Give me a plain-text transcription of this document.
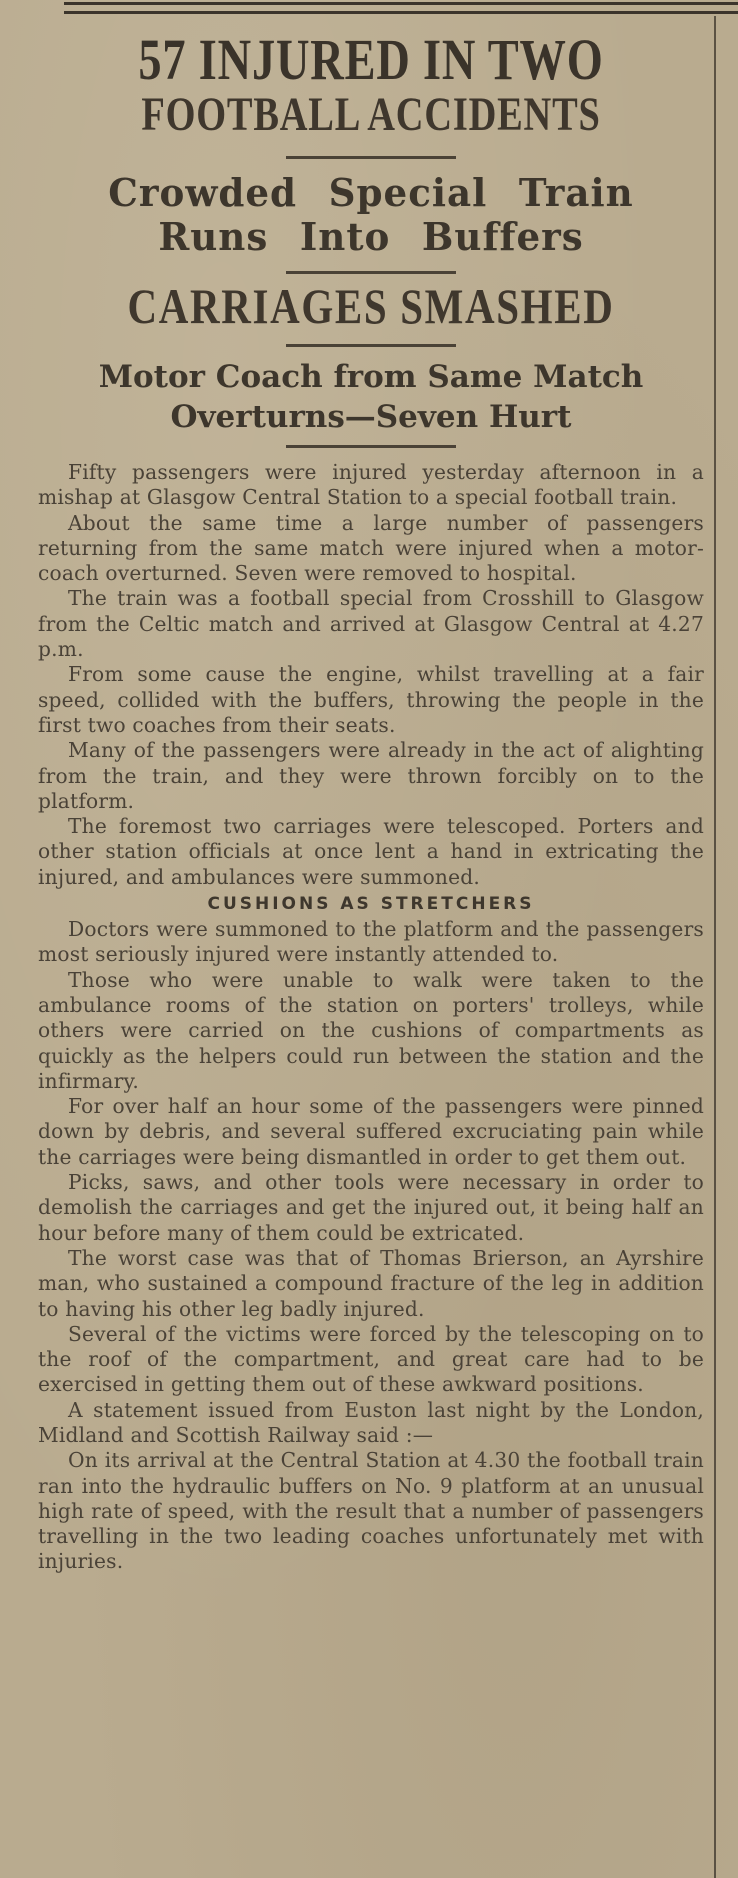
57 INJURED IN TWO
FOOTBALL ACCIDENTS
Crowded Special Train Runs Into Buffers
CARRIAGES SMASHED
Motor Coach from Same Match
Overturns—Seven Hurt

Fifty passengers were injured yesterday afternoon in a mishap at Glasgow Central Station to a special football train.

About the same time a large number of passengers returning from the same match were injured when a motor-coach overturned. Seven were removed to hospital.

The train was a football special from Crosshill to Glasgow from the Celtic match and arrived at Glasgow Central at 4.27 p.m.

From some cause the engine, whilst travelling at a fair speed, collided with the buffers, throwing the people in the first two coaches from their seats.

Many of the passengers were already in the act of alighting from the train, and they were thrown forcibly on to the platform.

The foremost two carriages were telescoped. Porters and other station officials at once lent a hand in extricating the injured, and ambulances were summoned.

CUSHIONS AS STRETCHERS

Doctors were summoned to the platform and the passengers most seriously injured were instantly attended to.

Those who were unable to walk were taken to the ambulance rooms of the station on porters' trolleys, while others were carried on the cushions of compartments as quickly as the helpers could run between the station and the infirmary.

For over half an hour some of the passengers were pinned down by debris, and several suffered excruciating pain while the carriages were being dismantled in order to get them out.

Picks, saws, and other tools were necessary in order to demolish the carriages and get the injured out, it being half an hour before many of them could be extricated.

The worst case was that of Thomas Brierson, an Ayrshire man, who sustained a compound fracture of the leg in addition to having his other leg badly injured.

Several of the victims were forced by the telescoping on to the roof of the compartment, and great care had to be exercised in getting them out of these awkward positions.

A statement issued from Euston last night by the London, Midland and Scottish Railway said :—

On its arrival at the Central Station at 4.30 the football train ran into the hydraulic buffers on No. 9 platform at an unusual high rate of speed, with the result that a number of passengers travelling in the two leading coaches unfortunately met with injuries.
